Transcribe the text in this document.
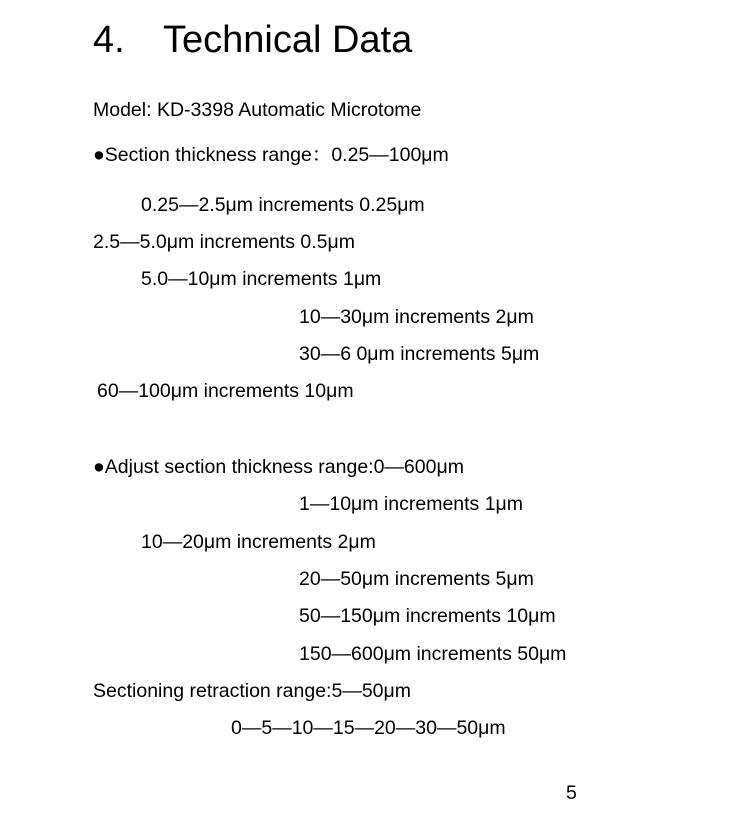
4. Technical Data
Model: KD-3398 Automatic Microtome
●Section thickness range：0.25—100μm
0.25—2.5μm increments 0.25μm
2.5—5.0μm increments 0.5μm
5.0—10μm increments 1μm
10—30μm increments 2μm
30—6 0μm increments 5μm
60—100μm increments 10μm
●Adjust section thickness range:0—600μm
1—10μm increments 1μm
10—20μm increments 2μm
20—50μm increments 5μm
50—150μm increments 10μm
150—600μm increments 50μm
Sectioning retraction range:5—50μm
0—5—10—15—20—30—50μm
5
